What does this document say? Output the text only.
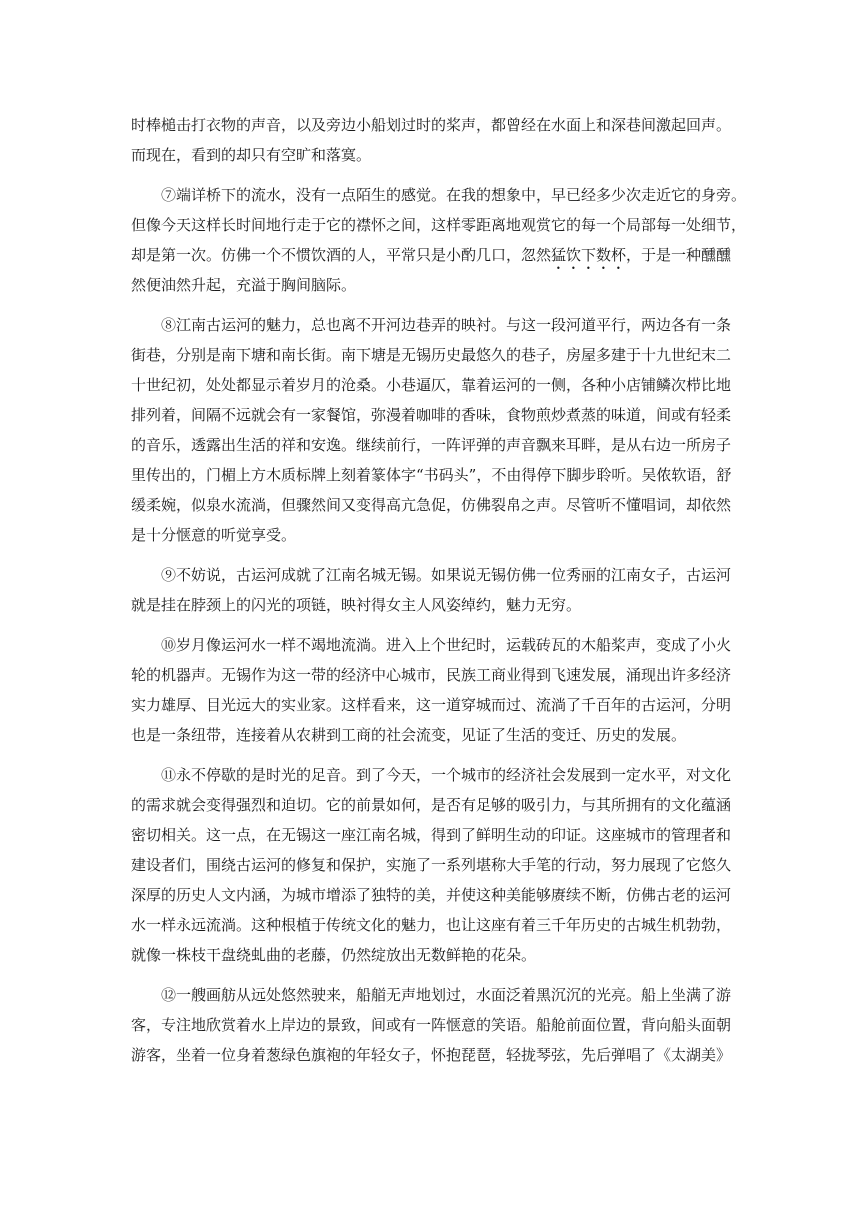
时棒槌击打衣物的声音，以及旁边小船划过时的桨声，都曾经在水面上和深巷间激起回声。
而现在，看到的却只有空旷和落寞。
⑦端详桥下的流水，没有一点陌生的感觉。在我的想象中，早已经多少次走近它的身旁。
但像今天这样长时间地行走于它的襟怀之间，这样零距离地观赏它的每一个局部每一处细节，
却是第一次。仿佛一个不惯饮酒的人，平常只是小酌几口，忽然猛饮下数杯，于是一种醺醺
然便油然升起，充溢于胸间脑际。
⑧江南古运河的魅力，总也离不开河边巷弄的映衬。与这一段河道平行，两边各有一条
街巷，分别是南下塘和南长街。南下塘是无锡历史最悠久的巷子，房屋多建于十九世纪末二
十世纪初，处处都显示着岁月的沧桑。小巷逼仄，靠着运河的一侧，各种小店铺鳞次栉比地
排列着，间隔不远就会有一家餐馆，弥漫着咖啡的香味，食物煎炒煮蒸的味道，间或有轻柔
的音乐，透露出生活的祥和安逸。继续前行，一阵评弹的声音飘来耳畔，是从右边一所房子
里传出的，门楣上方木质标牌上刻着篆体字“书码头”，不由得停下脚步聆听。吴侬软语，舒
缓柔婉，似泉水流淌，但骤然间又变得高亢急促，仿佛裂帛之声。尽管听不懂唱词，却依然
是十分惬意的听觉享受。
⑨不妨说，古运河成就了江南名城无锡。如果说无锡仿佛一位秀丽的江南女子，古运河
就是挂在脖颈上的闪光的项链，映衬得女主人风姿绰约，魅力无穷。
⑩岁月像运河水一样不竭地流淌。进入上个世纪时，运载砖瓦的木船桨声，变成了小火
轮的机器声。无锡作为这一带的经济中心城市，民族工商业得到飞速发展，涌现出许多经济
实力雄厚、目光远大的实业家。这样看来，这一道穿城而过、流淌了千百年的古运河，分明
也是一条纽带，连接着从农耕到工商的社会流变，见证了生活的变迁、历史的发展。
⑪永不停歇的是时光的足音。到了今天，一个城市的经济社会发展到一定水平，对文化
的需求就会变得强烈和迫切。它的前景如何，是否有足够的吸引力，与其所拥有的文化蕴涵
密切相关。这一点，在无锡这一座江南名城，得到了鲜明生动的印证。这座城市的管理者和
建设者们，围绕古运河的修复和保护，实施了一系列堪称大手笔的行动，努力展现了它悠久
深厚的历史人文内涵，为城市增添了独特的美，并使这种美能够赓续不断，仿佛古老的运河
水一样永远流淌。这种根植于传统文化的魅力，也让这座有着三千年历史的古城生机勃勃，
就像一株枝干盘绕虬曲的老藤，仍然绽放出无数鲜艳的花朵。
⑫一艘画舫从远处悠然驶来，船艏无声地划过，水面泛着黑沉沉的光亮。船上坐满了游
客，专注地欣赏着水上岸边的景致，间或有一阵惬意的笑语。船舱前面位置，背向船头面朝
游客，坐着一位身着葱绿色旗袍的年轻女子，怀抱琵琶，轻拢琴弦，先后弹唱了《太湖美》
